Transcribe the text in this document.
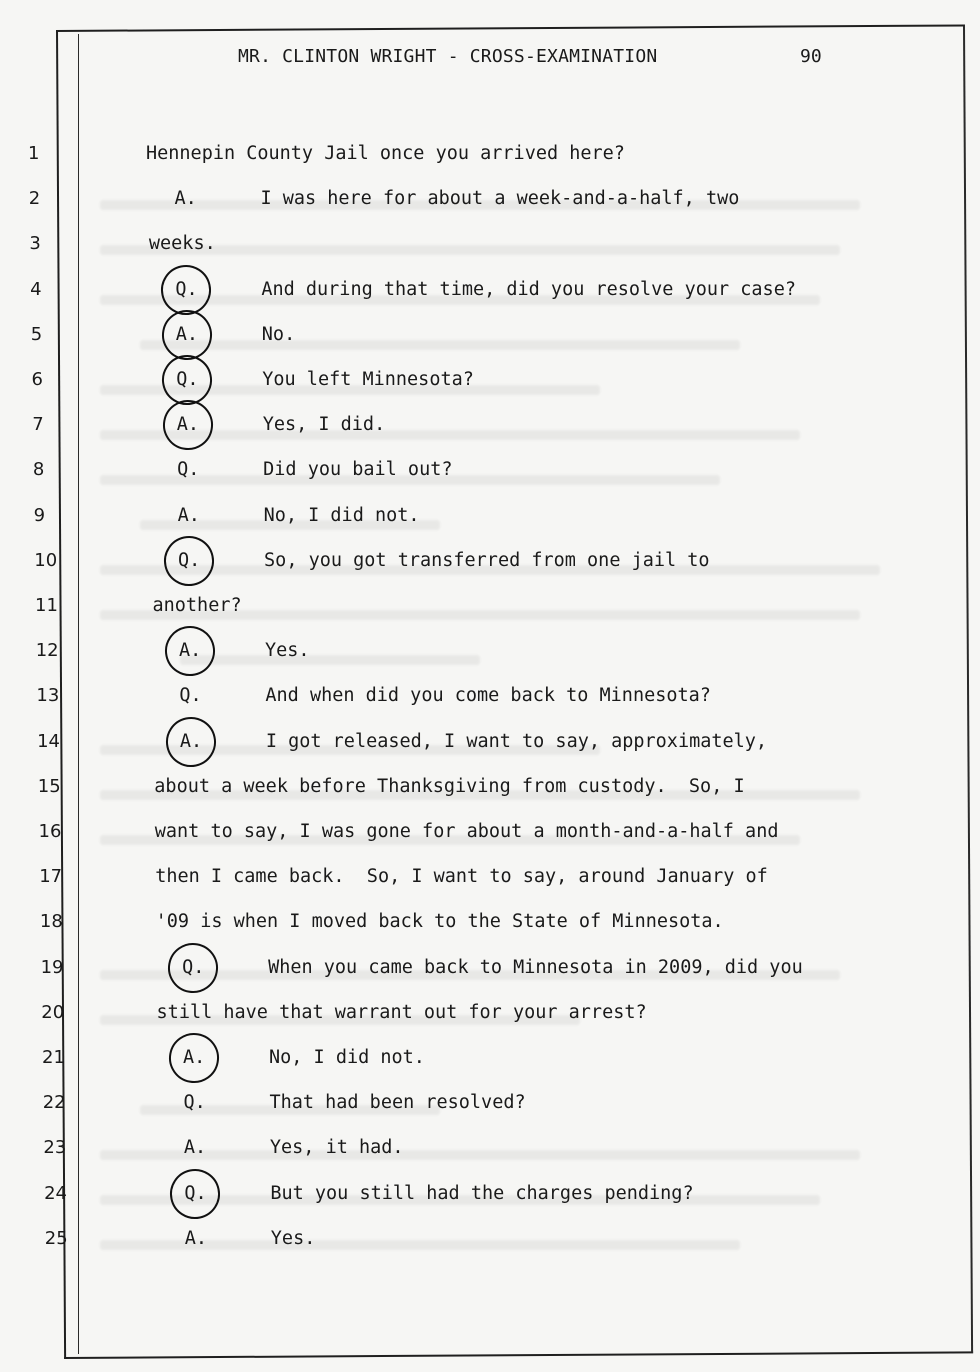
MR. CLINTON WRIGHT - CROSS-EXAMINATION	90
1	Hennepin County Jail once you arrived here?
2	A.	I was here for about a week-and-a-half, two
3	weeks.
4	Q.	And during that time, did you resolve your case?
5	A.	No.
6	Q.	You left Minnesota?
7	A.	Yes, I did.
8	Q.	Did you bail out?
9	A.	No, I did not.
10	Q.	So, you got transferred from one jail to
11	another?
12	A.	Yes.
13	Q.	And when did you come back to Minnesota?
14	A.	I got released, I want to say, approximately,
15	about a week before Thanksgiving from custody.  So, I
16	want to say, I was gone for about a month-and-a-half and
17	then I came back.  So, I want to say, around January of
18	'09 is when I moved back to the State of Minnesota.
19	Q.	When you came back to Minnesota in 2009, did you
20	still have that warrant out for your arrest?
21	A.	No, I did not.
22	Q.	That had been resolved?
23	A.	Yes, it had.
24	Q.	But you still had the charges pending?
25	A.	Yes.
